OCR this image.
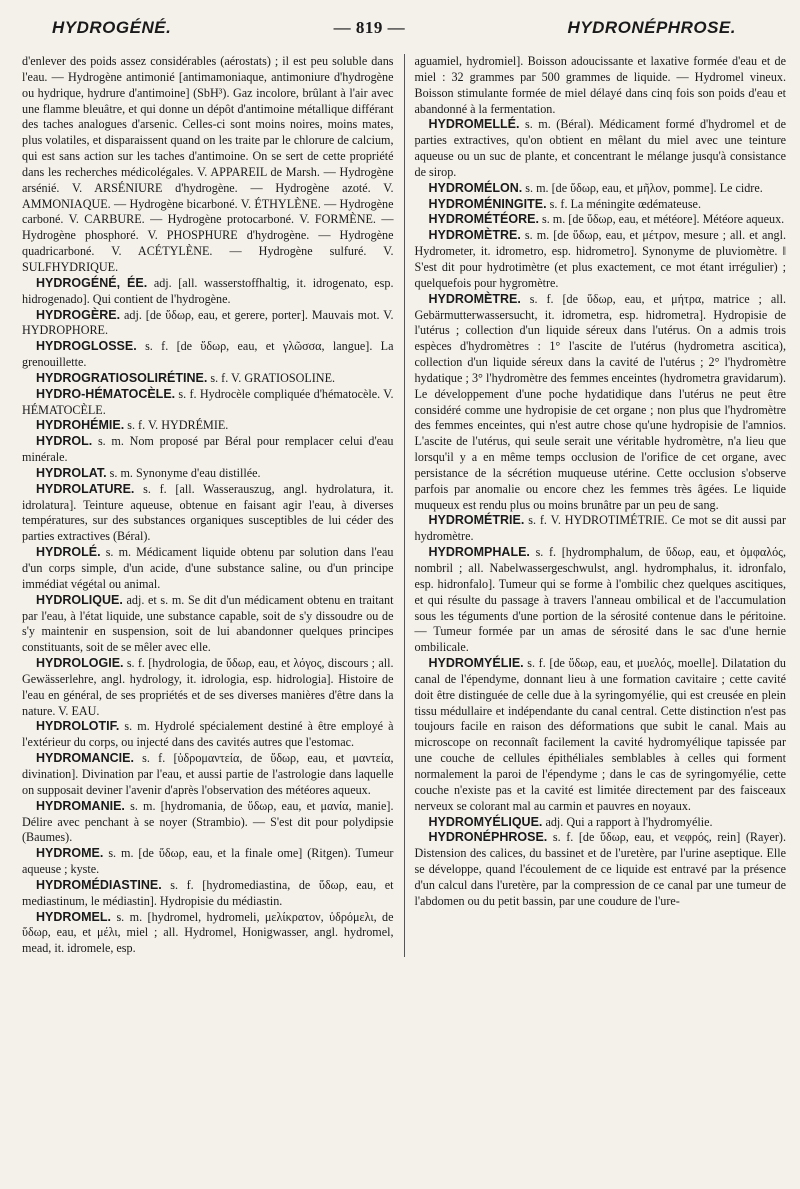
HYDROGÉNÉ.	— 819 —	HYDRONÉPHROSE.

d'enlever des poids assez considérables (aérostats) ; il est peu soluble dans l'eau. — Hydrogène antimonié [antimamoniaque, antimoniure d'hydrogène ou hydrique, hydrure d'antimoine] (SbH³). Gaz incolore, brûlant à l'air avec une flamme bleuâtre, et qui donne un dépôt d'antimoine métallique différant des taches analogues d'arsenic. Celles-ci sont moins noires, moins mates, plus volatiles, et disparaissent quand on les traite par le chlorure de calcium, qui est sans action sur les taches d'antimoine. On se sert de cette propriété dans les recherches médicolégales. V. APPAREIL de Marsh. — Hydrogène arsénié. V. ARSÉNIURE d'hydrogène. — Hydrogène azoté. V. AMMONIAQUE. — Hydrogène bicarboné. V. ÉTHYLÈNE. — Hydrogène carboné. V. CARBURE. — Hydrogène protocarboné. V. FORMÈNE. — Hydrogène phosphoré. V. PHOSPHURE d'hydrogène. — Hydrogène quadricarboné. V. ACÉTYLÈNE. — Hydrogène sulfuré. V. SULFHYDRIQUE.

HYDROGÉNÉ, ÉE. adj. [all. wasserstoffhaltig, it. idrogenato, esp. hidrogenado]. Qui contient de l'hydrogène.

HYDROGÈRE. adj. [de ὕδωρ, eau, et gerere, porter]. Mauvais mot. V. HYDROPHORE.

HYDROGLOSSE. s. f. [de ὕδωρ, eau, et γλῶσσα, langue]. La grenouillette.

HYDROGRATIOSOLIRÉTINE. s. f. V. GRATIOSOLINE.

HYDRO-HÉMATOCÈLE. s. f. Hydrocèle compliquée d'hématocèle. V. HÉMATOCÈLE.

HYDROHÉMIE. s. f. V. HYDRÉMIE.

HYDROL. s. m. Nom proposé par Béral pour remplacer celui d'eau minérale.

HYDROLAT. s. m. Synonyme d'eau distillée.

HYDROLATURE. s. f. [all. Wasserauszug, angl. hydrolatura, it. idrolatura]. Teinture aqueuse, obtenue en faisant agir l'eau, à diverses températures, sur des substances organiques susceptibles de lui céder des parties extractives (Béral).

HYDROLÉ. s. m. Médicament liquide obtenu par solution dans l'eau d'un corps simple, d'un acide, d'une substance saline, ou d'un principe immédiat végétal ou animal.

HYDROLIQUE. adj. et s. m. Se dit d'un médicament obtenu en traitant par l'eau, à l'état liquide, une substance capable, soit de s'y dissoudre ou de s'y maintenir en suspension, soit de lui abandonner quelques principes constituants, soit de se mêler avec elle.

HYDROLOGIE. s. f. [hydrologia, de ὕδωρ, eau, et λόγος, discours ; all. Gewässerlehre, angl. hydrology, it. idrologia, esp. hidrologia]. Histoire de l'eau en général, de ses propriétés et de ses diverses manières d'être dans la nature. V. EAU.

HYDROLOTIF. s. m. Hydrolé spécialement destiné à être employé à l'extérieur du corps, ou injecté dans des cavités autres que l'estomac.

HYDROMANCIE. s. f. [ὑδρομαντεία, de ὕδωρ, eau, et μαντεία, divination]. Divination par l'eau, et aussi partie de l'astrologie dans laquelle on supposait deviner l'avenir d'après l'observation des météores aqueux.

HYDROMANIE. s. m. [hydromania, de ὕδωρ, eau, et μανία, manie]. Délire avec penchant à se noyer (Strambio). — S'est dit pour polydipsie (Baumes).

HYDROME. s. m. [de ὕδωρ, eau, et la finale ome] (Ritgen). Tumeur aqueuse ; kyste.

HYDROMÉDIASTINE. s. f. [hydromediastina, de ὕδωρ, eau, et mediastinum, le médiastin]. Hydropisie du médiastin.

HYDROMEL. s. m. [hydromel, hydromeli, μελίκρατον, ὑδρόμελι, de ὕδωρ, eau, et μέλι, miel ; all. Hydromel, Honigwasser, angl. hydromel, mead, it. idromele, esp.

aguamiel, hydromiel]. Boisson adoucissante et laxative formée d'eau et de miel : 32 grammes par 500 grammes de liquide. — Hydromel vineux. Boisson stimulante formée de miel délayé dans cinq fois son poids d'eau et abandonné à la fermentation.

HYDROMELLÉ. s. m. (Béral). Médicament formé d'hydromel et de parties extractives, qu'on obtient en mêlant du miel avec une teinture aqueuse ou un suc de plante, et concentrant le mélange jusqu'à consistance de sirop.

HYDROMÉLON. s. m. [de ὕδωρ, eau, et μῆλον, pomme]. Le cidre.

HYDROMÉNINGITE. s. f. La méningite œdémateuse.

HYDROMÉTÉORE. s. m. [de ὕδωρ, eau, et météore]. Météore aqueux.

HYDROMÈTRE. s. m. [de ὕδωρ, eau, et μέτρον, mesure ; all. et angl. Hydrometer, it. idrometro, esp. hidrometro]. Synonyme de pluviomètre. ‖ S'est dit pour hydrotimètre (et plus exactement, ce mot étant irrégulier) ; quelquefois pour hygromètre.

HYDROMÈTRE. s. f. [de ὕδωρ, eau, et μήτρα, matrice ; all. Gebärmutterwassersucht, it. idrometra, esp. hidrometra]. Hydropisie de l'utérus ; collection d'un liquide séreux dans l'utérus. On a admis trois espèces d'hydromètres : 1° l'ascite de l'utérus (hydrometra ascitica), collection d'un liquide séreux dans la cavité de l'utérus ; 2° l'hydromètre hydatique ; 3° l'hydromètre des femmes enceintes (hydrometra gravidarum). Le développement d'une poche hydatidique dans l'utérus ne peut être considéré comme une hydropisie de cet organe ; non plus que l'hydromètre des femmes enceintes, qui n'est autre chose qu'une hydropisie de l'amnios. L'ascite de l'utérus, qui seule serait une véritable hydromètre, n'a lieu que lorsqu'il y a en même temps occlusion de l'orifice de cet organe, avec persistance de la sécrétion muqueuse utérine. Cette occlusion s'observe parfois par anomalie ou encore chez les femmes très âgées. Le liquide muqueux est rendu plus ou moins brunâtre par un peu de sang.

HYDROMÉTRIE. s. f. V. HYDROTIMÉTRIE. Ce mot se dit aussi par hydromètre.

HYDROMPHALE. s. f. [hydromphalum, de ὕδωρ, eau, et ὀμφαλός, nombril ; all. Nabelwassergeschwulst, angl. hydromphalus, it. idronfalo, esp. hidronfalo]. Tumeur qui se forme à l'ombilic chez quelques ascitiques, et qui résulte du passage à travers l'anneau ombilical et de l'accumulation sous les téguments d'une portion de la sérosité contenue dans le péritoine. — Tumeur formée par un amas de sérosité dans le sac d'une hernie ombilicale.

HYDROMYÉLIE. s. f. [de ὕδωρ, eau, et μυελός, moelle]. Dilatation du canal de l'épendyme, donnant lieu à une formation cavitaire ; cette cavité doit être distinguée de celle due à la syringomyélie, qui est creusée en plein tissu médullaire et indépendante du canal central. Cette distinction n'est pas toujours facile en raison des déformations que subit le canal. Mais au microscope on reconnaît facilement la cavité hydromyélique tapissée par une couche de cellules épithéliales semblables à celles qui forment normalement la paroi de l'épendyme ; dans le cas de syringomyélie, cette couche n'existe pas et la cavité est limitée directement par des faisceaux nerveux se colorant mal au carmin et pauvres en noyaux.

HYDROMYÉLIQUE. adj. Qui a rapport à l'hydromyélie.

HYDRONÉPHROSE. s. f. [de ὕδωρ, eau, et νεφρός, rein] (Rayer). Distension des calices, du bassinet et de l'uretère, par l'urine aseptique. Elle se développe, quand l'écoulement de ce liquide est entravé par la présence d'un calcul dans l'uretère, par la compression de ce canal par une tumeur de l'abdomen ou du petit bassin, par une coudure de l'ure-
